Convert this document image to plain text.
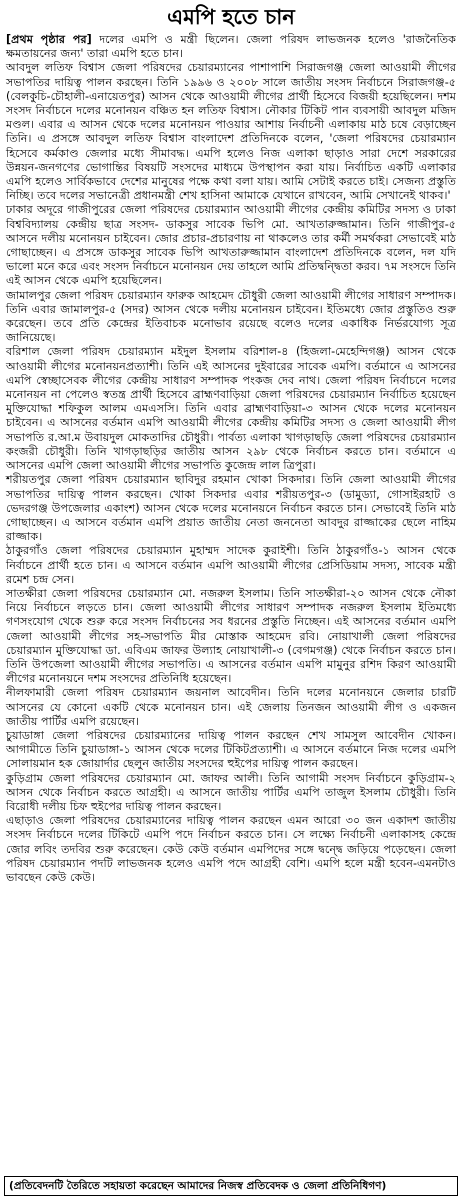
এমপি হতে চান

[প্রথম পৃষ্ঠার পর] দলের এমপি ও মন্ত্রী ছিলেন। জেলা পরিষদ লাভজনক হলেও 'রাজনৈতিক ক্ষমতায়নের জন্য' তারা এমপি হতে চান।

আবদুল লতিফ বিশ্বাস জেলা পরিষদের চেয়ারম্যানের পাশাপাশি সিরাজগঞ্জ জেলা আওয়ামী লীগের সভাপতির দায়িত্ব পালন করছেন। তিনি ১৯৯৬ ও ২০০৮ সালে জাতীয় সংসদ নির্বাচনে সিরাজগঞ্জ-৫ (বেলকুচি-চৌহালী-এনায়েতপুর) আসন থেকে আওয়ামী লীগের প্রার্থী হিসেবে বিজয়ী হয়েছিলেন। দশম সংসদ নির্বাচনে দলের মনোনয়ন বঞ্চিত হন লতিফ বিশ্বাস। নৌকার টিকিট পান ব্যবসায়ী আবদুল মজিদ মণ্ডল। এবার এ আসন থেকে দলের মনোনয়ন পাওয়ার আশায় নির্বাচনী এলাকায় মাঠ চষে বেড়াচ্ছেন তিনি। এ প্রসঙ্গে আবদুল লতিফ বিশ্বাস বাংলাদেশ প্রতিদিনকে বলেন, 'জেলা পরিষদের চেয়ারম্যান হিসেবে কর্মকাণ্ড জেলার মধ্যে সীমাবদ্ধ। এমপি হলেও নিজ এলাকা ছাড়াও সারা দেশে সরকারের উন্নয়ন-জনগণের ভোগান্তির বিষয়টি সংসদের মাধ্যমে উপস্থাপন করা যায়। নির্বাচিত একটি এলাকার এমপি হলেও সার্বিকভাবে দেশের মানুষের পক্ষে কথা বলা যায়। আমি সেটাই করতে চাই। সেজন্য প্রস্তুতি নিচ্ছি। তবে দলের সভানেত্রী প্রধানমন্ত্রী শেখ হাসিনা আমাকে যেখানে রাখবেন, আমি সেখানেই থাকব।'

ঢাকার অদূরে গাজীপুরের জেলা পরিষদের চেয়ারম্যান আওয়ামী লীগের কেন্দ্রীয় কমিটির সদস্য ও ঢাকা বিশ্ববিদ্যালয় কেন্দ্রীয় ছাত্র সংসদ- ডাকসুর সাবেক ভিপি মো. আখতারুজ্জামান। তিনি গাজীপুর-৫ আসনে দলীয় মনোনয়ন চাইবেন। জোর প্রচার-প্রচারণায় না থাকলেও তার কর্মী সমর্থকরা সেভাবেই মাঠ গোছাচ্ছেন। এ প্রসঙ্গে ডাকসুর সাবেক ভিপি আখতারুজ্জামান বাংলাদেশ প্রতিদিনকে বলেন, দল যদি ভালো মনে করে এবং সংসদ নির্বাচনে মনোনয়ন দেয় তাহলে আমি প্রতিদ্বন্দ্বিতা করব। ৭ম সংসদে তিনি এই আসন থেকে এমপি হয়েছিলেন।

জামালপুর জেলা পরিষদ চেয়ারম্যান ফারুক আহমেদ চৌধুরী জেলা আওয়ামী লীগের সাধারণ সম্পাদক। তিনি এবার জামালপুর-৫ (সদর) আসন থেকে দলীয় মনোনয়ন চাইবেন। ইতিমধ্যে জোর প্রস্তুতিও শুরু করেছেন। তবে প্রতি কেন্দ্রের ইতিবাচক মনোভাব রয়েছে বলেও দলের একাধিক নির্ভরযোগ্য সূত্র জানিয়েছে।

বরিশাল জেলা পরিষদ চেয়ারম্যান মইদুল ইসলাম বরিশাল-৪ (হিজলা-মেহেন্দিগঞ্জ) আসন থেকে আওয়ামী লীগের মনোনয়নপ্রত্যাশী। তিনি এই আসনের দুইবারের সাবেক এমপি। বর্তমানে এ আসনের এমপি স্বেচ্ছাসেবক লীগের কেন্দ্রীয় সাধারণ সম্পাদক পংকজ দেব নাথ। জেলা পরিষদ নির্বাচনে দলের মনোনয়ন না পেলেও স্বতন্ত্র প্রার্থী হিসেবে ব্রাহ্মণবাড়িয়া জেলা পরিষদের চেয়ারম্যান নির্বাচিত হয়েছেন মুক্তিযোদ্ধা শফিকুল আলম এমএসসি। তিনি এবার ব্রাহ্মণবাড়িয়া-৩ আসন থেকে দলের মনোনয়ন চাইবেন। এ আসনের বর্তমান এমপি আওয়ামী লীগের কেন্দ্রীয় কমিটির সদস্য ও জেলা আওয়ামী লীগ সভাপতি র.আ.ম উবায়দুল মোকতাদির চৌধুরী। পার্বত্য এলাকা খাগড়াছড়ি জেলা পরিষদের চেয়ারম্যান কংজরী চৌধুরী। তিনি খাগড়াছড়ির জাতীয় আসন ২৯৮ থেকে নির্বাচন করতে চান। বর্তমানে এ আসনের এমপি জেলা আওয়ামী লীগের সভাপতি কুজেন্দ্র লাল ত্রিপুরা।

শরীয়তপুর জেলা পরিষদ চেয়ারম্যান ছাবিদুর রহমান খোকা সিকদার। তিনি জেলা আওয়ামী লীগের সভাপতির দায়িত্ব পালন করছেন। খোকা সিকদার এবার শরীয়তপুর-৩ (ডামুড্যা, গোসাইরহাট ও ভেদরগঞ্জ উপজেলার একাংশ) আসন থেকে দলের মনোনয়নে নির্বাচন করতে চান। সেভাবেই তিনি মাঠ গোছাচ্ছেন। এ আসনে বর্তমান এমপি প্রয়াত জাতীয় নেতা জননেতা আবদুর রাজ্জাকের ছেলে নাহিম রাজ্জাক।

ঠাকুরগাঁও জেলা পরিষদের চেয়ারম্যান মুহাম্মদ সাদেক কুরাইশী। তিনি ঠাকুরগাঁও-১ আসন থেকে নির্বাচনে প্রার্থী হতে চান। এ আসনে বর্তমান এমপি আওয়ামী লীগের প্রেসিডিয়াম সদস্য, সাবেক মন্ত্রী রমেশ চন্দ্র সেন।

সাতক্ষীরা জেলা পরিষদের চেয়ারম্যান মো. নজরুল ইসলাম। তিনি সাতক্ষীরা-২০ আসন থেকে নৌকা নিয়ে নির্বাচনে লড়তে চান। জেলা আওয়ামী লীগের সাধারণ সম্পাদক নজরুল ইসলাম ইতিমধ্যে গণসংযোগ থেকে শুরু করে সংসদ নির্বাচনের সব ধরনের প্রস্তুতি নিচ্ছেন। এই আসনের বর্তমান এমপি জেলা আওয়ামী লীগের সহ-সভাপতি মীর মোস্তাক আহমেদ রবি। নোয়াখালী জেলা পরিষদের চেয়ারম্যান মুক্তিযোদ্ধা ডা. এবিএম জাফর উল্যাহ নোয়াখালী-৩ (বেগমগঞ্জ) থেকে নির্বাচন করতে চান। তিনি উপজেলা আওয়ামী লীগের সভাপতি। এ আসনের বর্তমান এমপি মামুনুর রশিদ কিরণ আওয়ামী লীগের মনোনয়নে দশম সংসদের প্রতিনিধি হয়েছেন।

নীলফামারী জেলা পরিষদ চেয়ারম্যান জয়নাল আবেদীন। তিনি দলের মনোনয়নে জেলার চারটি আসনের যে কোনো একটি থেকে মনোনয়ন চান। এই জেলায় তিনজন আওয়ামী লীগ ও একজন জাতীয় পার্টির এমপি রয়েছেন।

চুয়াডাঙ্গা জেলা পরিষদের চেয়ারম্যানের দায়িত্ব পালন করছেন শেখ সামসুল আবেদীন খোকন। আগামীতে তিনি চুয়াডাঙ্গা-১ আসন থেকে দলের টিকিটপ্রত্যাশী। এ আসনে বর্তমানে নিজ দলের এমপি সোলায়মান হক জোয়ার্দার ছেলুন জাতীয় সংসদের হুইপের দায়িত্ব পালন করছেন।

কুড়িগ্রাম জেলা পরিষদের চেয়ারম্যান মো. জাফর আলী। তিনি আগামী সংসদ নির্বাচনে কুড়িগ্রাম-২ আসন থেকে নির্বাচন করতে আগ্রহী। এ আসনে জাতীয় পার্টির এমপি তাজুল ইসলাম চৌধুরী। তিনি বিরোধী দলীয় চিফ হুইপের দায়িত্ব পালন করছেন।

এছাড়াও জেলা পরিষদের চেয়ারম্যানের দায়িত্ব পালন করছেন এমন আরো ৩০ জন একাদশ জাতীয় সংসদ নির্বাচনে দলের টিকিটে এমপি পদে নির্বাচন করতে চান। সে লক্ষ্যে নির্বাচনী এলাকাসহ কেন্দ্রে জোর লবিং তদবির শুরু করেছেন। কেউ কেউ বর্তমান এমপিদের সঙ্গে দ্বন্দ্বে জড়িয়ে পড়েছেন। জেলা পরিষদ চেয়ারম্যান পদটি লাভজনক হলেও এমপি পদে আগ্রহী বেশি। এমপি হলে মন্ত্রী হবেন-এমনটাও ভাবছেন কেউ কেউ।

(প্রতিবেদনটি তৈরিতে সহায়তা করেছেন আমাদের নিজস্ব প্রতিবেদক ও জেলা প্রতিনিধিগণ)
